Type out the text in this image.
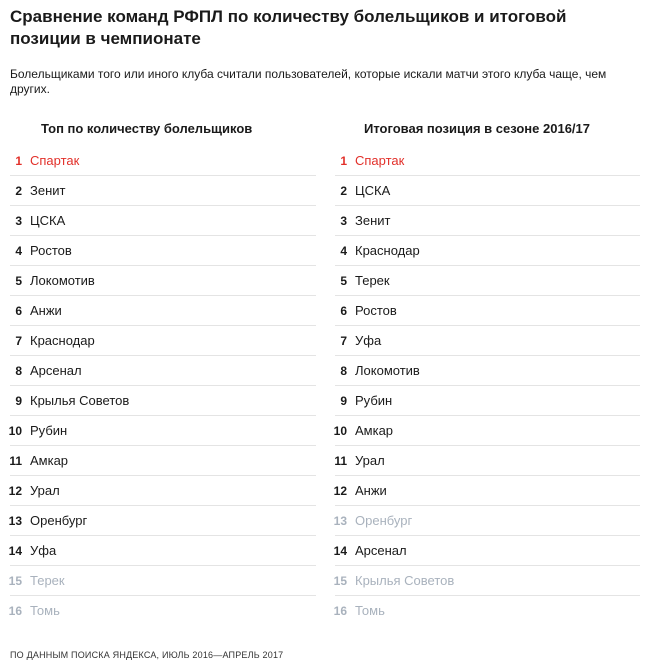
Сравнение команд РФПЛ по количеству болельщиков и итоговой позиции в чемпионате
Болельщиками того или иного клуба считали пользователей, которые искали матчи этого клуба чаще, чем других.
Топ по количеству болельщиков	Итоговая позиция в сезоне 2016/17
1 Спартак
2 Зенит
3 ЦСКА
4 Ростов
5 Локомотив
6 Анжи
7 Краснодар
8 Арсенал
9 Крылья Советов
10 Рубин
11 Амкар
12 Урал
13 Оренбург
14 Уфа
15 Терек
16 Томь
1 Спартак
2 ЦСКА
3 Зенит
4 Краснодар
5 Терек
6 Ростов
7 Уфа
8 Локомотив
9 Рубин
10 Амкар
11 Урал
12 Анжи
13 Оренбург
14 Арсенал
15 Крылья Советов
16 Томь
ПО ДАННЫМ ПОИСКА ЯНДЕКСА, ИЮЛЬ 2016—АПРЕЛЬ 2017
